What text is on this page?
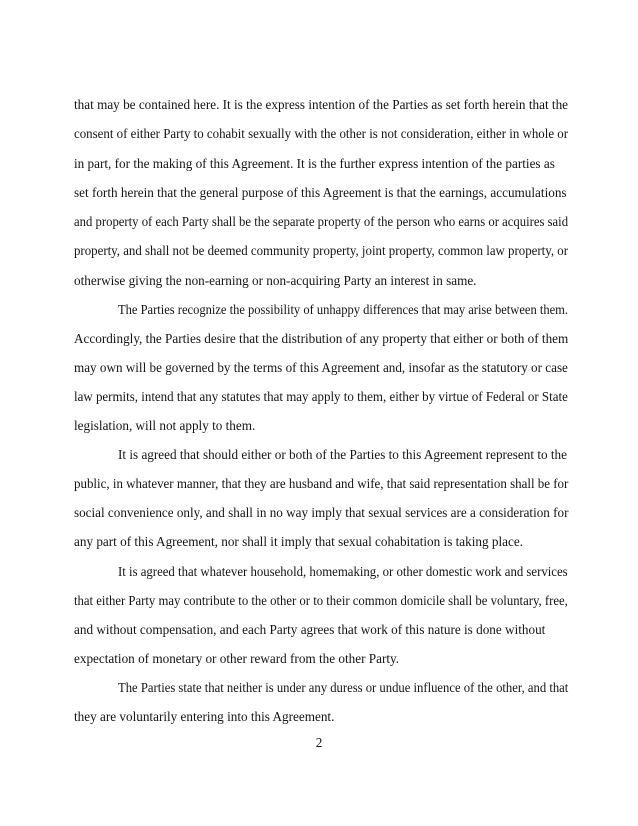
that may be contained here. It is the express intention of the Parties as set forth herein that the
consent of either Party to cohabit sexually with the other is not consideration, either in whole or
in part, for the making of this Agreement. It is the further express intention of the parties as
set forth herein that the general purpose of this Agreement is that the earnings, accumulations
and property of each Party shall be the separate property of the person who earns or acquires said
property, and shall not be deemed community property, joint property, common law property, or
otherwise giving the non-earning or non-acquiring Party an interest in same.
The Parties recognize the possibility of unhappy differences that may arise between them.
Accordingly, the Parties desire that the distribution of any property that either or both of them
may own will be governed by the terms of this Agreement and, insofar as the statutory or case
law permits, intend that any statutes that may apply to them, either by virtue of Federal or State
legislation, will not apply to them.
It is agreed that should either or both of the Parties to this Agreement represent to the
public, in whatever manner, that they are husband and wife, that said representation shall be for
social convenience only, and shall in no way imply that sexual services are a consideration for
any part of this Agreement, nor shall it imply that sexual cohabitation is taking place.
It is agreed that whatever household, homemaking, or other domestic work and services
that either Party may contribute to the other or to their common domicile shall be voluntary, free,
and without compensation, and each Party agrees that work of this nature is done without
expectation of monetary or other reward from the other Party.
The Parties state that neither is under any duress or undue influence of the other, and that
they are voluntarily entering into this Agreement.
2
